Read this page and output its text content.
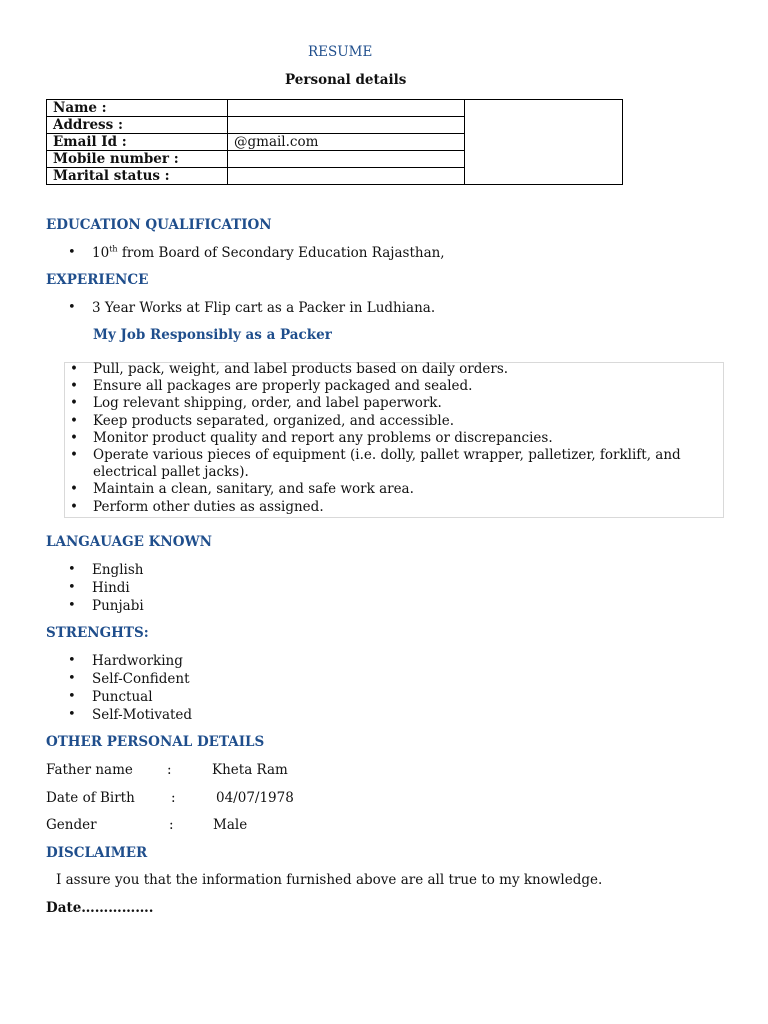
RESUME
Personal details
Name :		
Address :		
Email Id :	@gmail.com	
Mobile number :		
Marital status :		
EDUCATION QUALIFICATION
• 10th from Board of Secondary Education Rajasthan,
EXPERIENCE
• 3 Year Works at Flip cart as a Packer in Ludhiana.
My Job Responsibly as a Packer
• Pull, pack, weight, and label products based on daily orders.
• Ensure all packages are properly packaged and sealed.
• Log relevant shipping, order, and label paperwork.
• Keep products separated, organized, and accessible.
• Monitor product quality and report any problems or discrepancies.
• Operate various pieces of equipment (i.e. dolly, pallet wrapper, palletizer, forklift, and electrical pallet jacks).
• Maintain a clean, sanitary, and safe work area.
• Perform other duties as assigned.
LANGAUAGE KNOWN
• English
• Hindi
• Punjabi
STRENGHTS:
• Hardworking
• Self-Confident
• Punctual
• Self-Motivated
OTHER PERSONAL DETAILS
Father name	:	Kheta Ram
Date of Birth	:	04/07/1978
Gender	:	Male
DISCLAIMER
I assure you that the information furnished above are all true to my knowledge.
Date…………….
